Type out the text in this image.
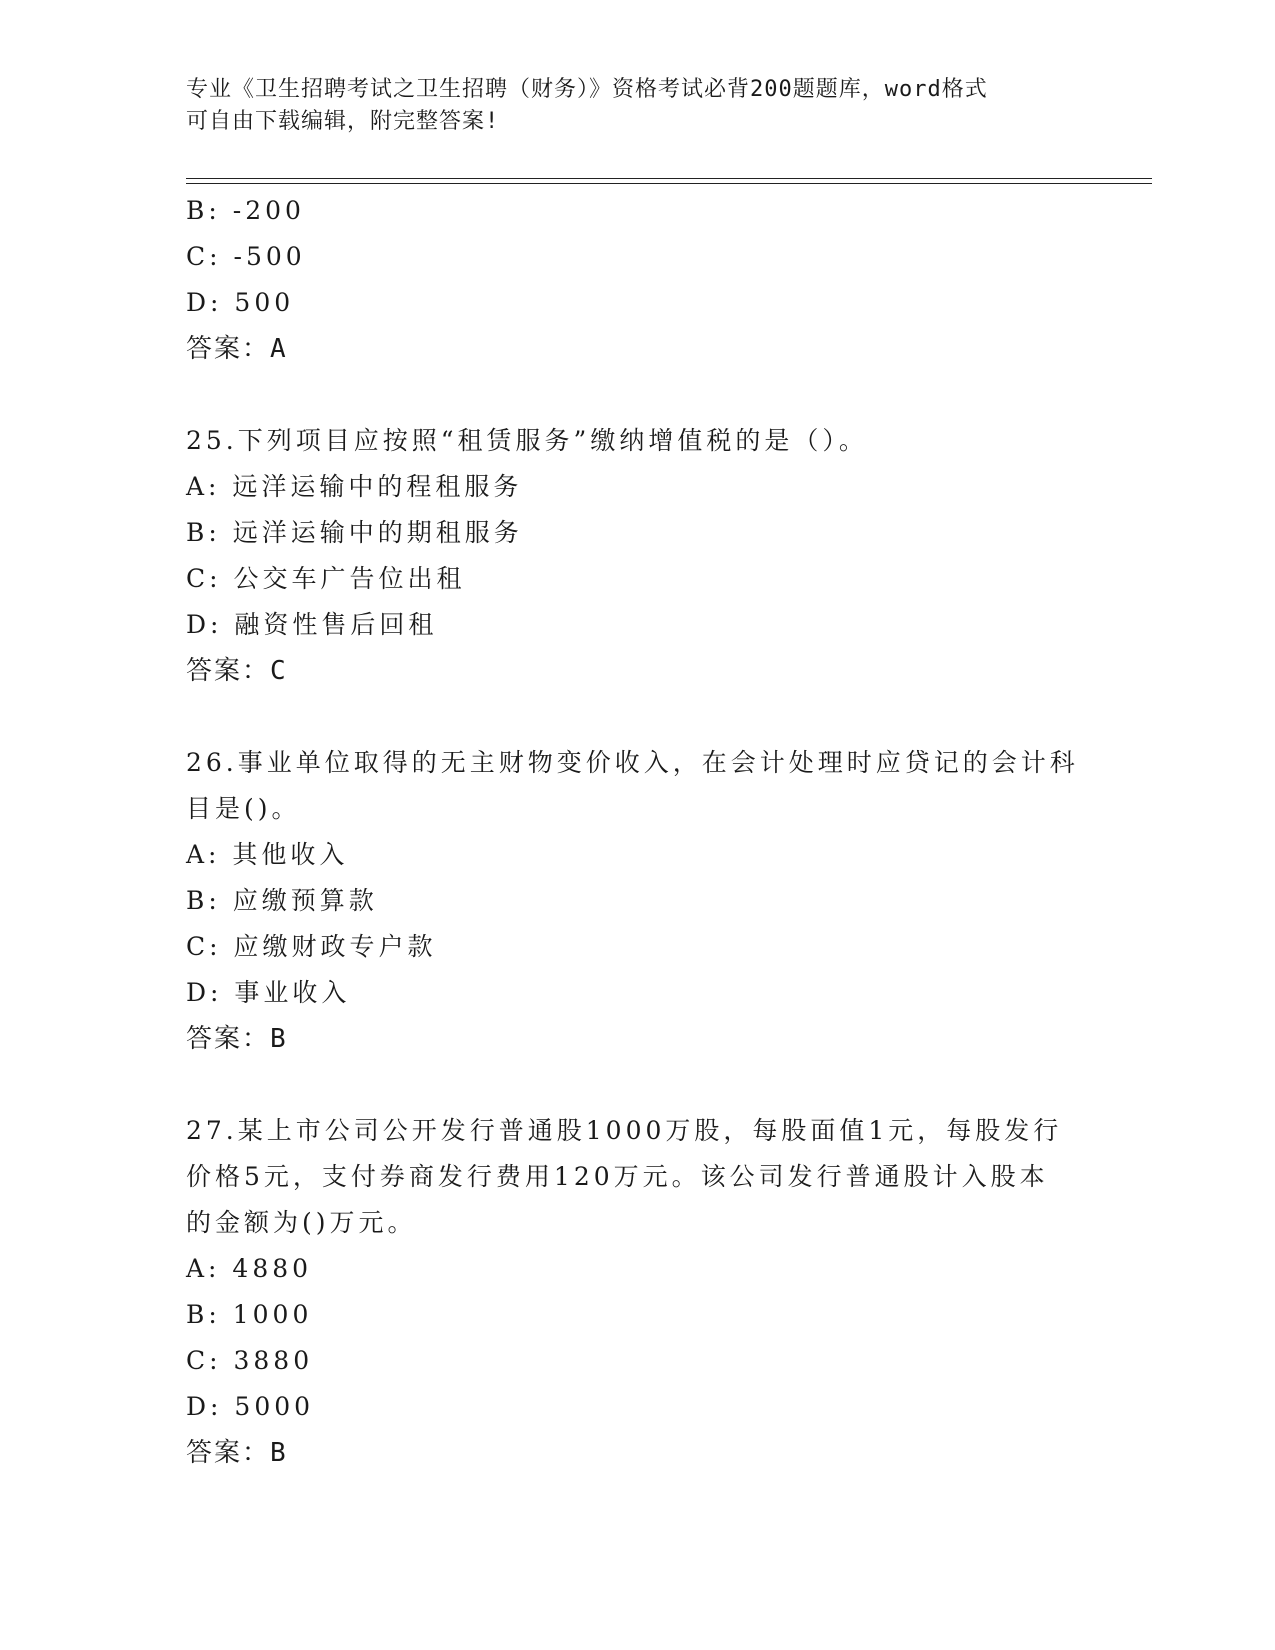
专业《卫生招聘考试之卫生招聘（财务）》资格考试必背200题题库，word格式
可自由下载编辑，附完整答案!
B: -200
C: -500
D: 500
答案：A
25.下列项目应按照“租赁服务”缴纳增值税的是（）。
A: 远洋运输中的程租服务
B: 远洋运输中的期租服务
C: 公交车广告位出租
D: 融资性售后回租
答案：C
26.事业单位取得的无主财物变价收入，在会计处理时应贷记的会计科
目是()。
A: 其他收入
B: 应缴预算款
C: 应缴财政专户款
D: 事业收入
答案：B
27.某上市公司公开发行普通股1000万股，每股面值1元，每股发行
价格5元，支付券商发行费用120万元。该公司发行普通股计入股本
的金额为()万元。
A: 4880
B: 1000
C: 3880
D: 5000
答案：B
